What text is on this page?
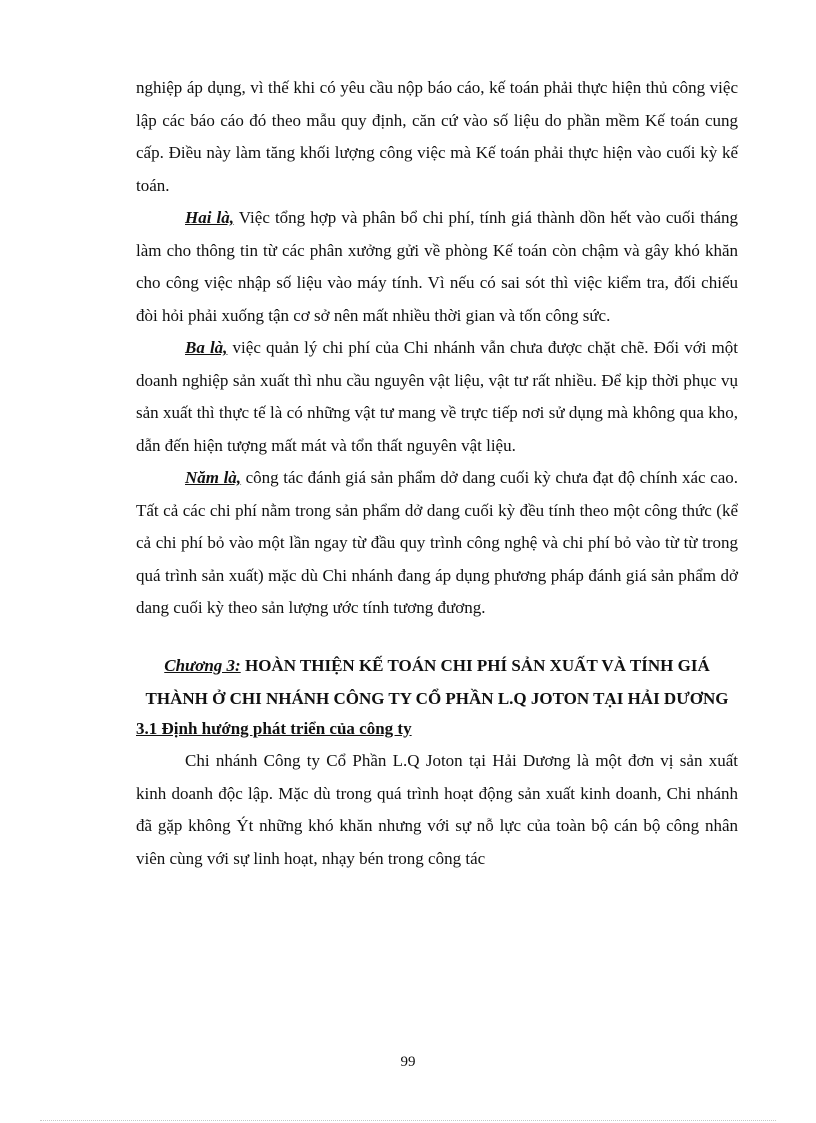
nghiệp áp dụng, vì thế khi có yêu cầu nộp báo cáo, kế toán phải thực hiện thủ công việc lập các báo cáo đó theo mẫu quy định, căn cứ vào số liệu do phần mềm Kế toán cung cấp. Điều này làm tăng khối lượng công việc mà Kế toán phải thực hiện vào cuối kỳ kế toán.

Hai là, Việc tổng hợp và phân bổ chi phí, tính giá thành dồn hết vào cuối tháng làm cho thông tin từ các phân xưởng gửi về phòng Kế toán còn chậm và gây khó khăn cho công việc nhập số liệu vào máy tính. Vì nếu có sai sót thì việc kiểm tra, đối chiếu đòi hỏi phải xuống tận cơ sở nên mất nhiều thời gian và tốn công sức.

Ba là, việc quản lý chi phí của Chi nhánh vẫn chưa được chặt chẽ. Đối với một doanh nghiệp sản xuất thì nhu cầu nguyên vật liệu, vật tư rất nhiều. Để kịp thời phục vụ sản xuất thì thực tế là có những vật tư mang về trực tiếp nơi sử dụng mà không qua kho, dẫn đến hiện tượng mất mát và tổn thất nguyên vật liệu.

Năm là, công tác đánh giá sản phẩm dở dang cuối kỳ chưa đạt độ chính xác cao. Tất cả các chi phí nằm trong sản phẩm dở dang cuối kỳ đều tính theo một công thức (kể cả chi phí bỏ vào một lần ngay từ đầu quy trình công nghệ và chi phí bỏ vào từ từ trong quá trình sản xuất) mặc dù Chi nhánh đang áp dụng phương pháp đánh giá sản phẩm dở dang cuối kỳ theo sản lượng ước tính tương đương.

Chương 3: HOÀN THIỆN KẾ TOÁN CHI PHÍ SẢN XUẤT VÀ TÍNH GIÁ THÀNH Ở CHI NHÁNH CÔNG TY CỔ PHẦN L.Q JOTON TẠI HẢI DƯƠNG
3.1 Định hướng phát triển của công ty

Chi nhánh Công ty Cổ Phần L.Q Joton tại Hải Dương là một đơn vị sản xuất kinh doanh độc lập. Mặc dù trong quá trình hoạt động sản xuất kinh doanh, Chi nhánh đã gặp không Ýt những khó khăn nhưng với sự nỗ lực của toàn bộ cán bộ công nhân viên cùng với sự linh hoạt, nhạy bén trong công tác

99
